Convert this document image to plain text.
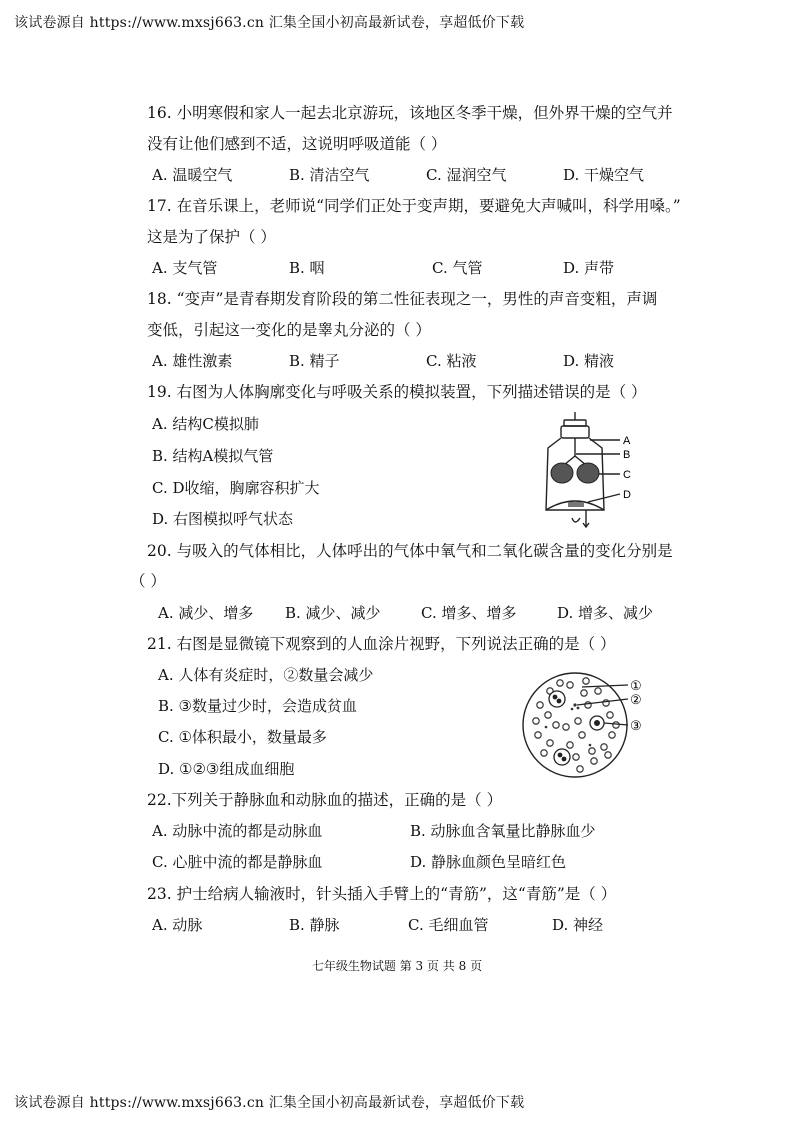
该试卷源自 https://www.mxsj663.cn 汇集全国小初高最新试卷，享超低价下载
16. 小明寒假和家人一起去北京游玩，该地区冬季干燥，但外界干燥的空气并
没有让他们感到不适，这说明呼吸道能（ ）
A. 温暖空气	B. 清洁空气	C. 湿润空气	D. 干燥空气
17. 在音乐课上，老师说“同学们正处于变声期，要避免大声喊叫，科学用嗓。”
这是为了保护（ ）
A. 支气管	B. 咽	C. 气管	D. 声带
18. “变声”是青春期发育阶段的第二性征表现之一，男性的声音变粗，声调
变低，引起这一变化的是睾丸分泌的（ ）
A. 雄性激素	B. 精子	C. 粘液	D. 精液
19. 右图为人体胸廓变化与呼吸关系的模拟装置，下列描述错误的是（ ）
A. 结构C模拟肺
B. 结构A模拟气管
C. D收缩，胸廓容积扩大
D. 右图模拟呼气状态
A
B
C
D
20. 与吸入的气体相比，人体呼出的气体中氧气和二氧化碳含量的变化分别是
（ ）
A. 减少、增多 B. 减少、减少	C. 增多、增多	D. 增多、减少
21. 右图是显微镜下观察到的人血涂片视野，下列说法正确的是（ ）
A. 人体有炎症时，②数量会减少
B. ③数量过少时，会造成贫血
C. ①体积最小，数量最多
D. ①②③组成血细胞
①
②
③
22.下列关于静脉血和动脉血的描述，正确的是（ ）
A. 动脉中流的都是动脉血	B. 动脉血含氧量比静脉血少
C. 心脏中流的都是静脉血	D. 静脉血颜色呈暗红色
23. 护士给病人输液时，针头插入手臂上的“青筋”，这“青筋”是（ ）
A. 动脉	B. 静脉	C. 毛细血管	D. 神经
七年级生物试题 第 3 页 共 8 页
该试卷源自 https://www.mxsj663.cn 汇集全国小初高最新试卷，享超低价下载
